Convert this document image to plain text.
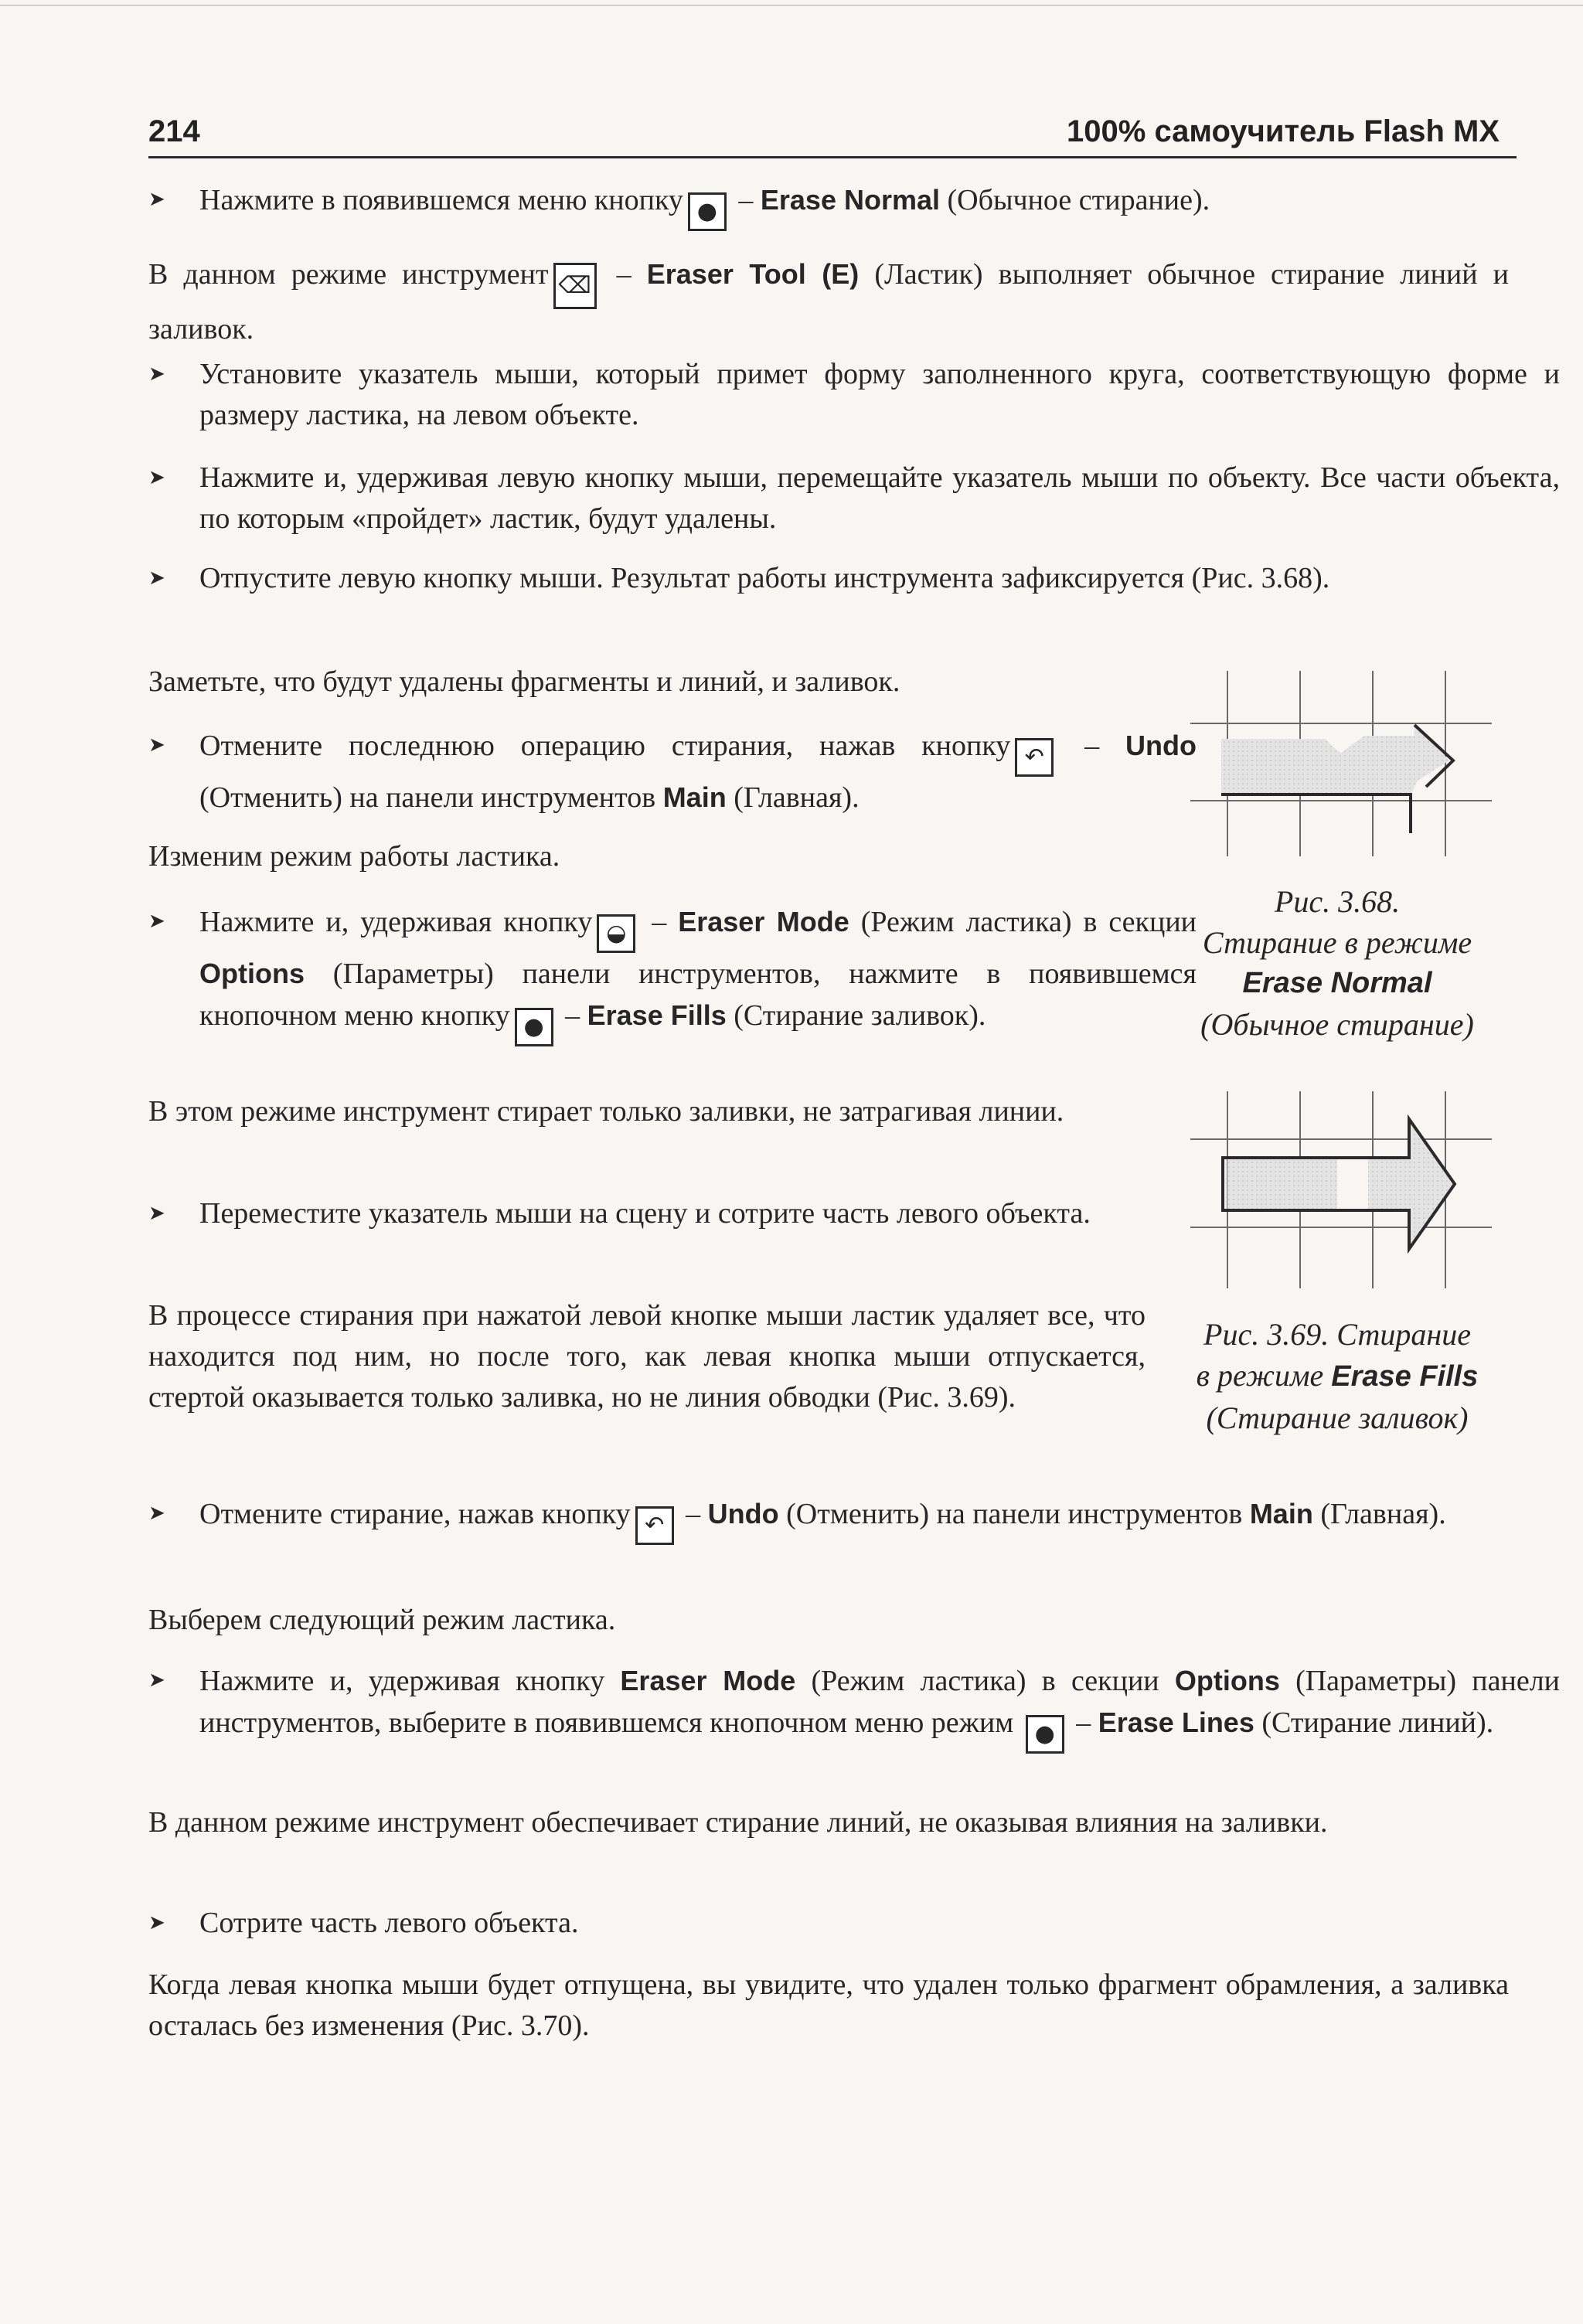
214	100% самоучитель Flash MX
➤ Нажмите в появившемся меню кнопку ● – Erase Normal (Обычное стирание).
В данном режиме инструмент ⌫ – Eraser Tool (E) (Ластик) выполняет обычное стирание линий и заливок.
➤ Установите указатель мыши, который примет форму заполненного круга, соответствующую форме и размеру ластика, на левом объекте.
➤ Нажмите и, удерживая левую кнопку мыши, перемещайте указатель мыши по объекту. Все части объекта, по которым «пройдет» ластик, будут удалены.
➤ Отпустите левую кнопку мыши. Результат работы инструмента зафиксируется (Рис. 3.68).
Заметьте, что будут удалены фрагменты и линий, и заливок.
➤ Отмените последнюю операцию стирания, нажав кнопку ↶ – Undo (Отменить) на панели инструментов Main (Главная).
Изменим режим работы ластика.
➤ Нажмите и, удерживая кнопку ◒ – Eraser Mode (Режим ластика) в секции Options (Параметры) панели инструментов, нажмите в появившемся кнопочном меню кнопку ● – Erase Fills (Стирание заливок).
В этом режиме инструмент стирает только заливки, не затрагивая линии.
➤ Переместите указатель мыши на сцену и сотрите часть левого объекта.
В процессе стирания при нажатой левой кнопке мыши ластик удаляет все, что находится под ним, но после того, как левая кнопка мыши отпускается, стертой оказывается только заливка, но не линия обводки (Рис. 3.69).
➤ Отмените стирание, нажав кнопку ↶ – Undo (Отменить) на панели инструментов Main (Главная).
Выберем следующий режим ластика.
➤ Нажмите и, удерживая кнопку Eraser Mode (Режим ластика) в секции Options (Параметры) панели инструментов, выберите в появившемся кнопочном меню режим ● – Erase Lines (Стирание линий).
В данном режиме инструмент обеспечивает стирание линий, не оказывая влияния на заливки.
➤ Сотрите часть левого объекта.
Когда левая кнопка мыши будет отпущена, вы увидите, что удален только фрагмент обрамления, а заливка осталась без изменения (Рис. 3.70).
Рис. 3.68.
Стирание в режиме
Erase Normal
(Обычное стирание)
Рис. 3.69. Стирание
в режиме Erase Fills
(Стирание заливок)
